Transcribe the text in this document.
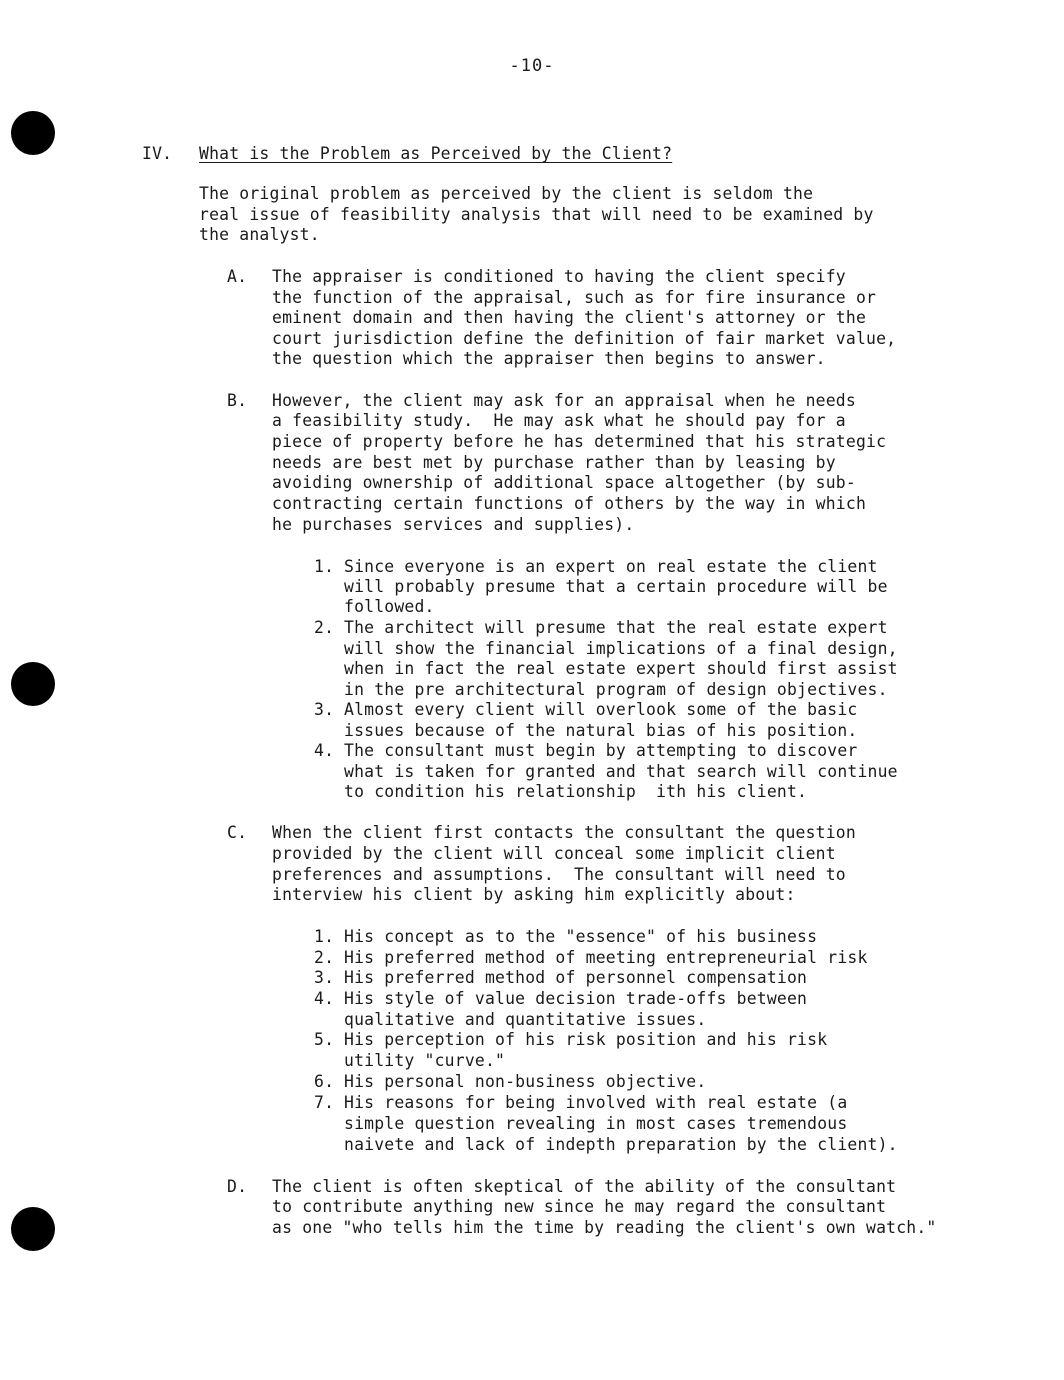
-10-
IV. What is the Problem as Perceived by the Client?
The original problem as perceived by the client is seldom the
real issue of feasibility analysis that will need to be examined by
the analyst.
A. The appraiser is conditioned to having the client specify
the function of the appraisal, such as for fire insurance or
eminent domain and then having the client's attorney or the
court jurisdiction define the definition of fair market value,
the question which the appraiser then begins to answer.
B. However, the client may ask for an appraisal when he needs
a feasibility study.  He may ask what he should pay for a
piece of property before he has determined that his strategic
needs are best met by purchase rather than by leasing by
avoiding ownership of additional space altogether (by sub-
contracting certain functions of others by the way in which
he purchases services and supplies).
1. Since everyone is an expert on real estate the client
will probably presume that a certain procedure will be
followed.
2. The architect will presume that the real estate expert
will show the financial implications of a final design,
when in fact the real estate expert should first assist
in the pre architectural program of design objectives.
3. Almost every client will overlook some of the basic
issues because of the natural bias of his position.
4. The consultant must begin by attempting to discover
what is taken for granted and that search will continue
to condition his relationship  ith his client.
C. When the client first contacts the consultant the question
provided by the client will conceal some implicit client
preferences and assumptions.  The consultant will need to
interview his client by asking him explicitly about:
1. His concept as to the "essence" of his business
2. His preferred method of meeting entrepreneurial risk
3. His preferred method of personnel compensation
4. His style of value decision trade-offs between
qualitative and quantitative issues.
5. His perception of his risk position and his risk
utility "curve."
6. His personal non-business objective.
7. His reasons for being involved with real estate (a
simple question revealing in most cases tremendous
naivete and lack of indepth preparation by the client).
D. The client is often skeptical of the ability of the consultant
to contribute anything new since he may regard the consultant
as one "who tells him the time by reading the client's own watch."
